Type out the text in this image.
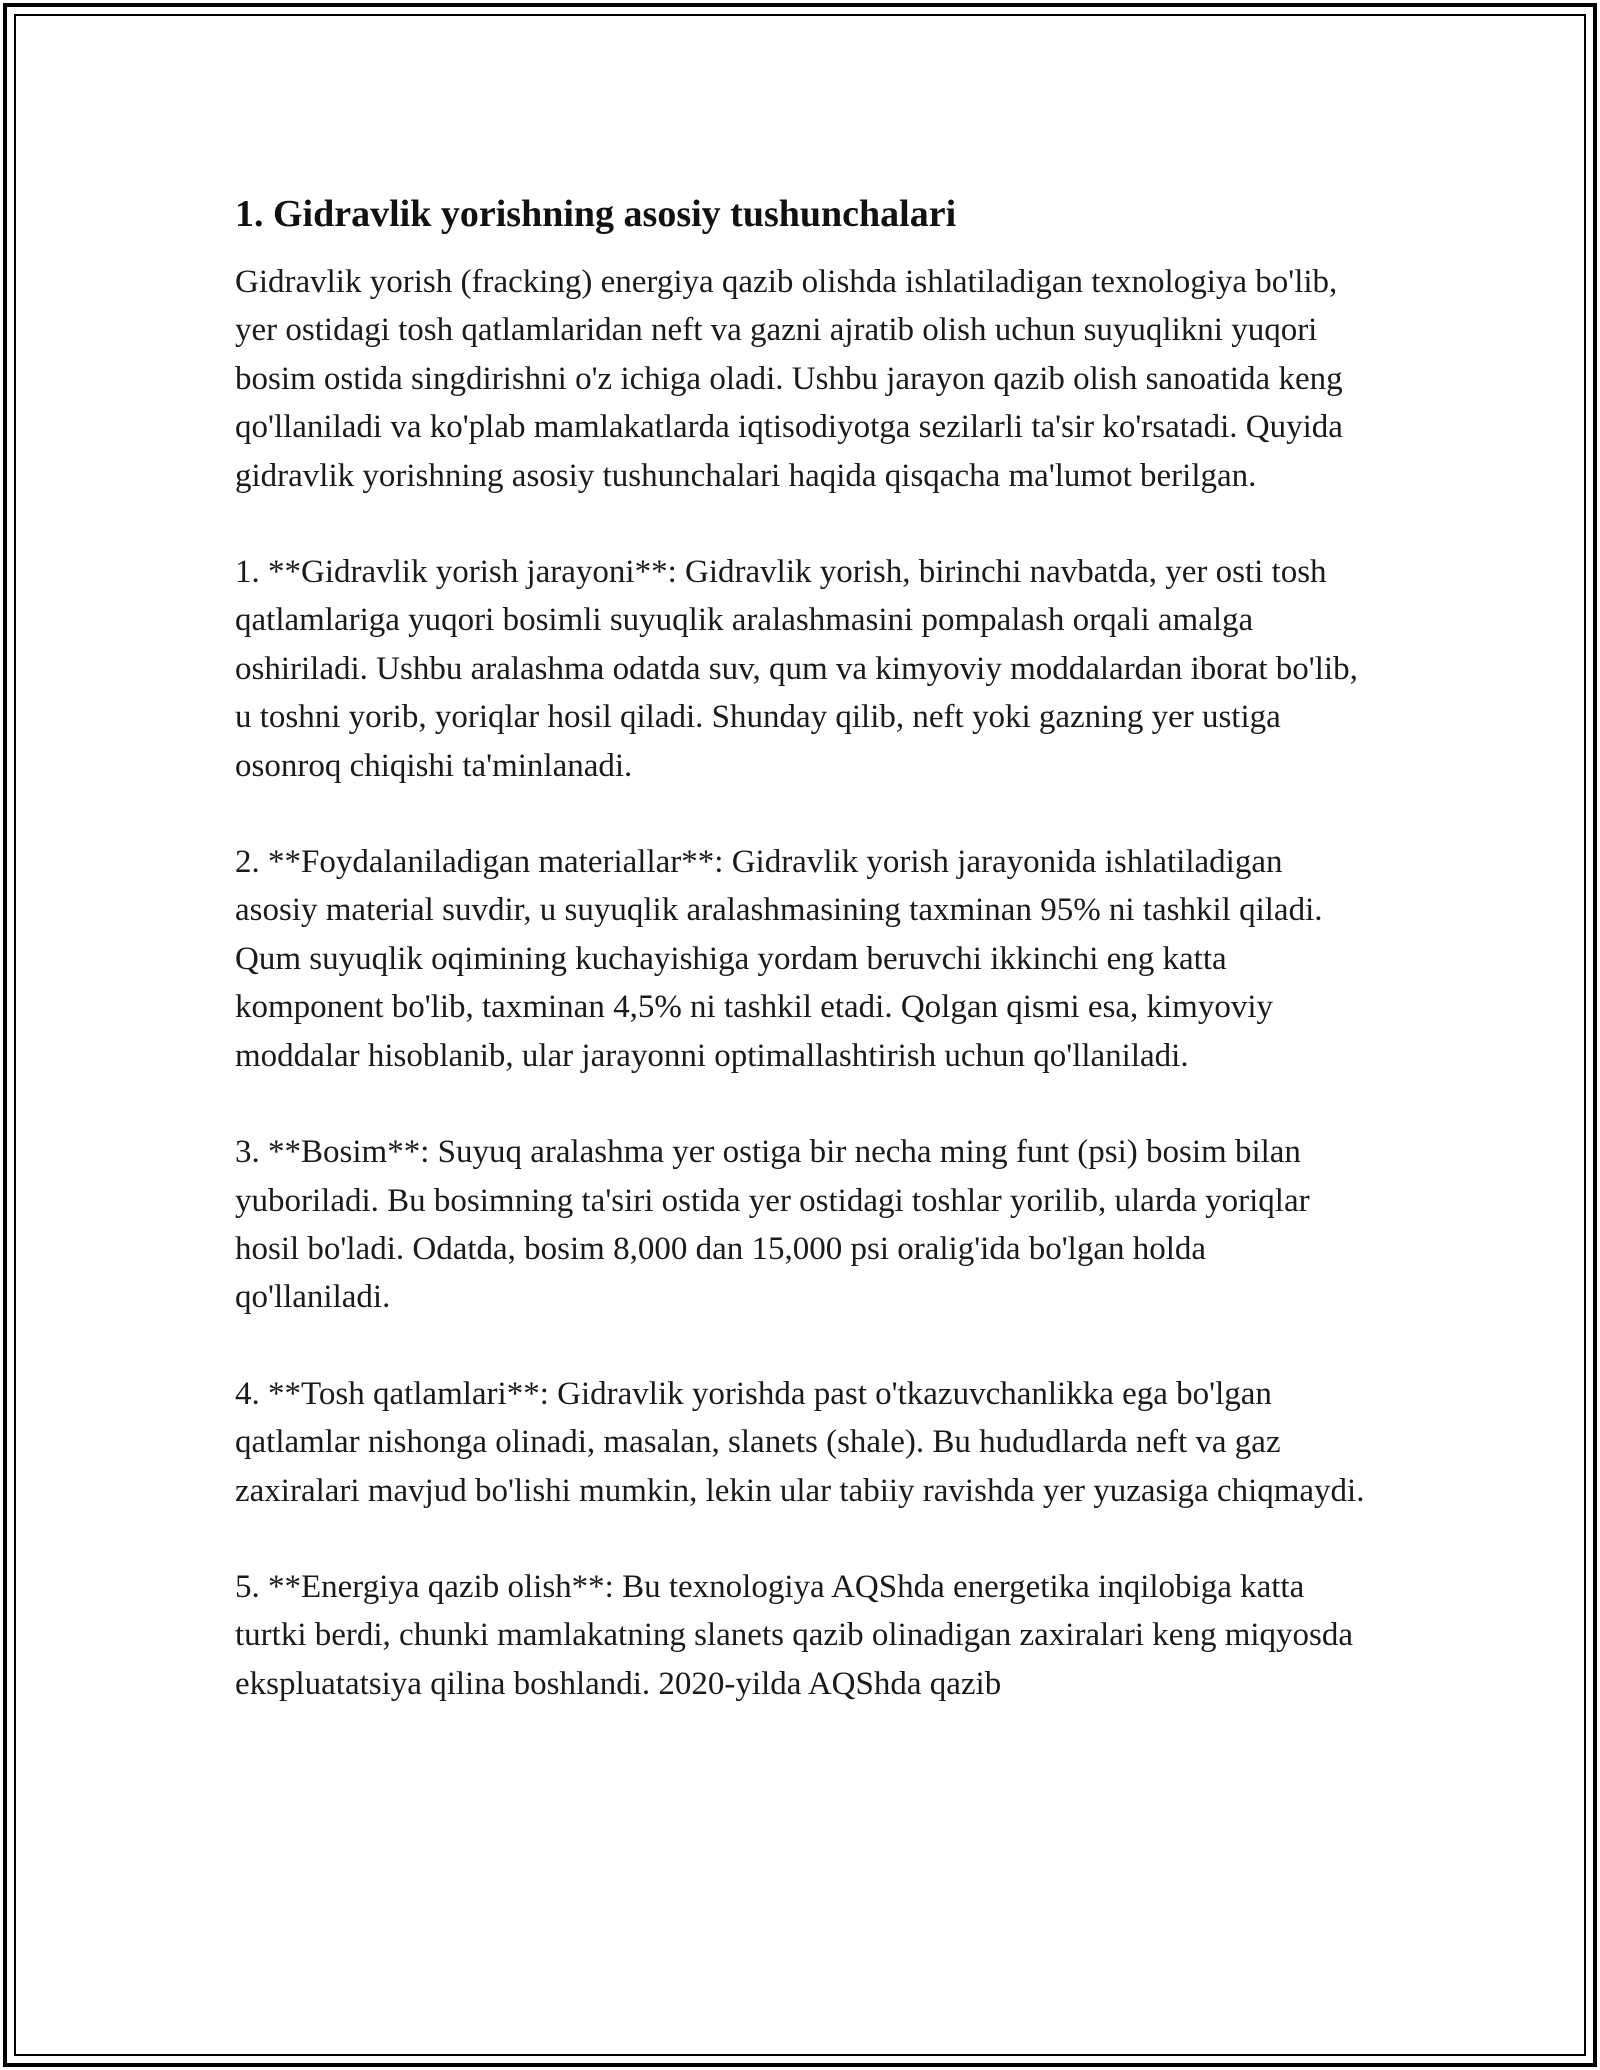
1. Gidravlik yorishning asosiy tushunchalari

Gidravlik yorish (fracking) energiya qazib olishda ishlatiladigan texnologiya bo'lib, yer ostidagi tosh qatlamlaridan neft va gazni ajratib olish uchun suyuqlikni yuqori bosim ostida singdirishni o'z ichiga oladi. Ushbu jarayon qazib olish sanoatida keng qo'llaniladi va ko'plab mamlakatlarda iqtisodiyotga sezilarli ta'sir ko'rsatadi. Quyida gidravlik yorishning asosiy tushunchalari haqida qisqacha ma'lumot berilgan.

1. **Gidravlik yorish jarayoni**: Gidravlik yorish, birinchi navbatda, yer osti tosh qatlamlariga yuqori bosimli suyuqlik aralashmasini pompalash orqali amalga oshiriladi. Ushbu aralashma odatda suv, qum va kimyoviy moddalardan iborat bo'lib, u toshni yorib, yoriqlar hosil qiladi. Shunday qilib, neft yoki gazning yer ustiga osonroq chiqishi ta'minlanadi.

2. **Foydalaniladigan materiallar**: Gidravlik yorish jarayonida ishlatiladigan asosiy material suvdir, u suyuqlik aralashmasining taxminan 95% ni tashkil qiladi. Qum suyuqlik oqimining kuchayishiga yordam beruvchi ikkinchi eng katta komponent bo'lib, taxminan 4,5% ni tashkil etadi. Qolgan qismi esa, kimyoviy moddalar hisoblanib, ular jarayonni optimallashtirish uchun qo'llaniladi.

3. **Bosim**: Suyuq aralashma yer ostiga bir necha ming funt (psi) bosim bilan yuboriladi. Bu bosimning ta'siri ostida yer ostidagi toshlar yorilib, ularda yoriqlar hosil bo'ladi. Odatda, bosim 8,000 dan 15,000 psi oralig'ida bo'lgan holda qo'llaniladi.

4. **Tosh qatlamlari**: Gidravlik yorishda past o'tkazuvchanlikka ega bo'lgan qatlamlar nishonga olinadi, masalan, slanets (shale). Bu hududlarda neft va gaz zaxiralari mavjud bo'lishi mumkin, lekin ular tabiiy ravishda yer yuzasiga chiqmaydi.

5. **Energiya qazib olish**: Bu texnologiya AQShda energetika inqilobiga katta turtki berdi, chunki mamlakatning slanets qazib olinadigan zaxiralari keng miqyosda ekspluatatsiya qilina boshlandi. 2020-yilda AQShda qazib
